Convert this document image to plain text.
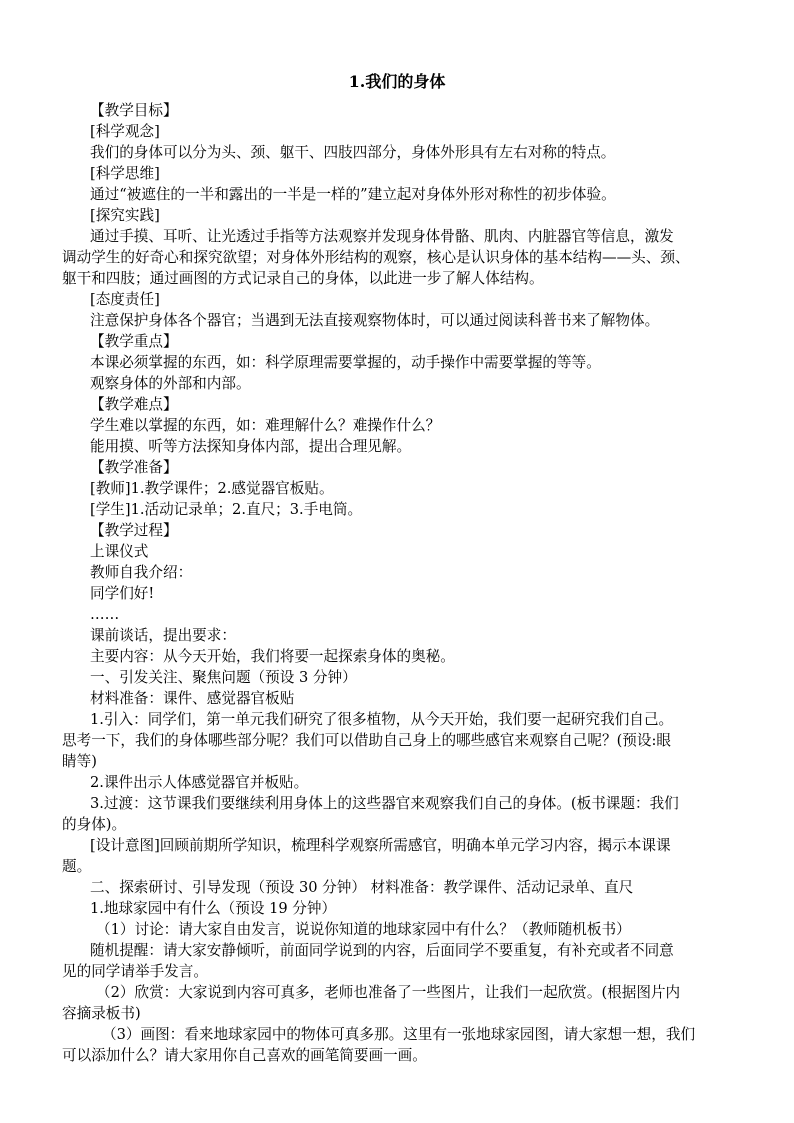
1.我们的身体
【教学目标】
[科学观念]
我们的身体可以分为头、颈、躯干、四肢四部分，身体外形具有左右对称的特点。
[科学思维]
通过“被遮住的一半和露出的一半是一样的”建立起对身体外形对称性的初步体验。
[探究实践]
通过手摸、耳听、让光透过手指等方法观察并发现身体骨骼、肌肉、内脏器官等信息，激发
调动学生的好奇心和探究欲望；对身体外形结构的观察，核心是认识身体的基本结构——头、颈、
躯干和四肢；通过画图的方式记录自己的身体，以此进一步了解人体结构。
[态度责任]
注意保护身体各个器官；当遇到无法直接观察物体时，可以通过阅读科普书来了解物体。
【教学重点】
本课必须掌握的东西，如：科学原理需要掌握的，动手操作中需要掌握的等等。
观察身体的外部和内部。
【教学难点】
学生难以掌握的东西，如：难理解什么？难操作什么？
能用摸、听等方法探知身体内部，提出合理见解。
【教学准备】
[教师]1.教学课件；2.感觉器官板贴。
[学生]1.活动记录单；2.直尺；3.手电筒。
【教学过程】
上课仪式
教师自我介绍：
同学们好!
……
课前谈话，提出要求：
主要内容：从今天开始，我们将要一起探索身体的奥秘。
一、引发关注、聚焦问题（预设 3 分钟）
材料准备：课件、感觉器官板贴
1.引入：同学们，第一单元我们研究了很多植物，从今天开始，我们要一起研究我们自己。
思考一下，我们的身体哪些部分呢？我们可以借助自己身上的哪些感官来观察自己呢？(预设:眼
睛等)
2.课件出示人体感觉器官并板贴。
3.过渡：这节课我们要继续利用身体上的这些器官来观察我们自己的身体。(板书课题：我们
的身体)。
[设计意图]回顾前期所学知识，梳理科学观察所需感官，明确本单元学习内容，揭示本课课
题。
二、探索研讨、引导发现（预设 30 分钟） 材料准备：教学课件、活动记录单、直尺
1.地球家园中有什么（预设 19 分钟）
（1）讨论：请大家自由发言，说说你知道的地球家园中有什么？（教师随机板书）
随机提醒：请大家安静倾听，前面同学说到的内容，后面同学不要重复，有补充或者不同意
见的同学请举手发言。
（2）欣赏：大家说到内容可真多，老师也准备了一些图片，让我们一起欣赏。(根据图片内
容摘录板书)
（3）画图：看来地球家园中的物体可真多那。这里有一张地球家园图，请大家想一想，我们
可以添加什么？请大家用你自己喜欢的画笔简要画一画。
